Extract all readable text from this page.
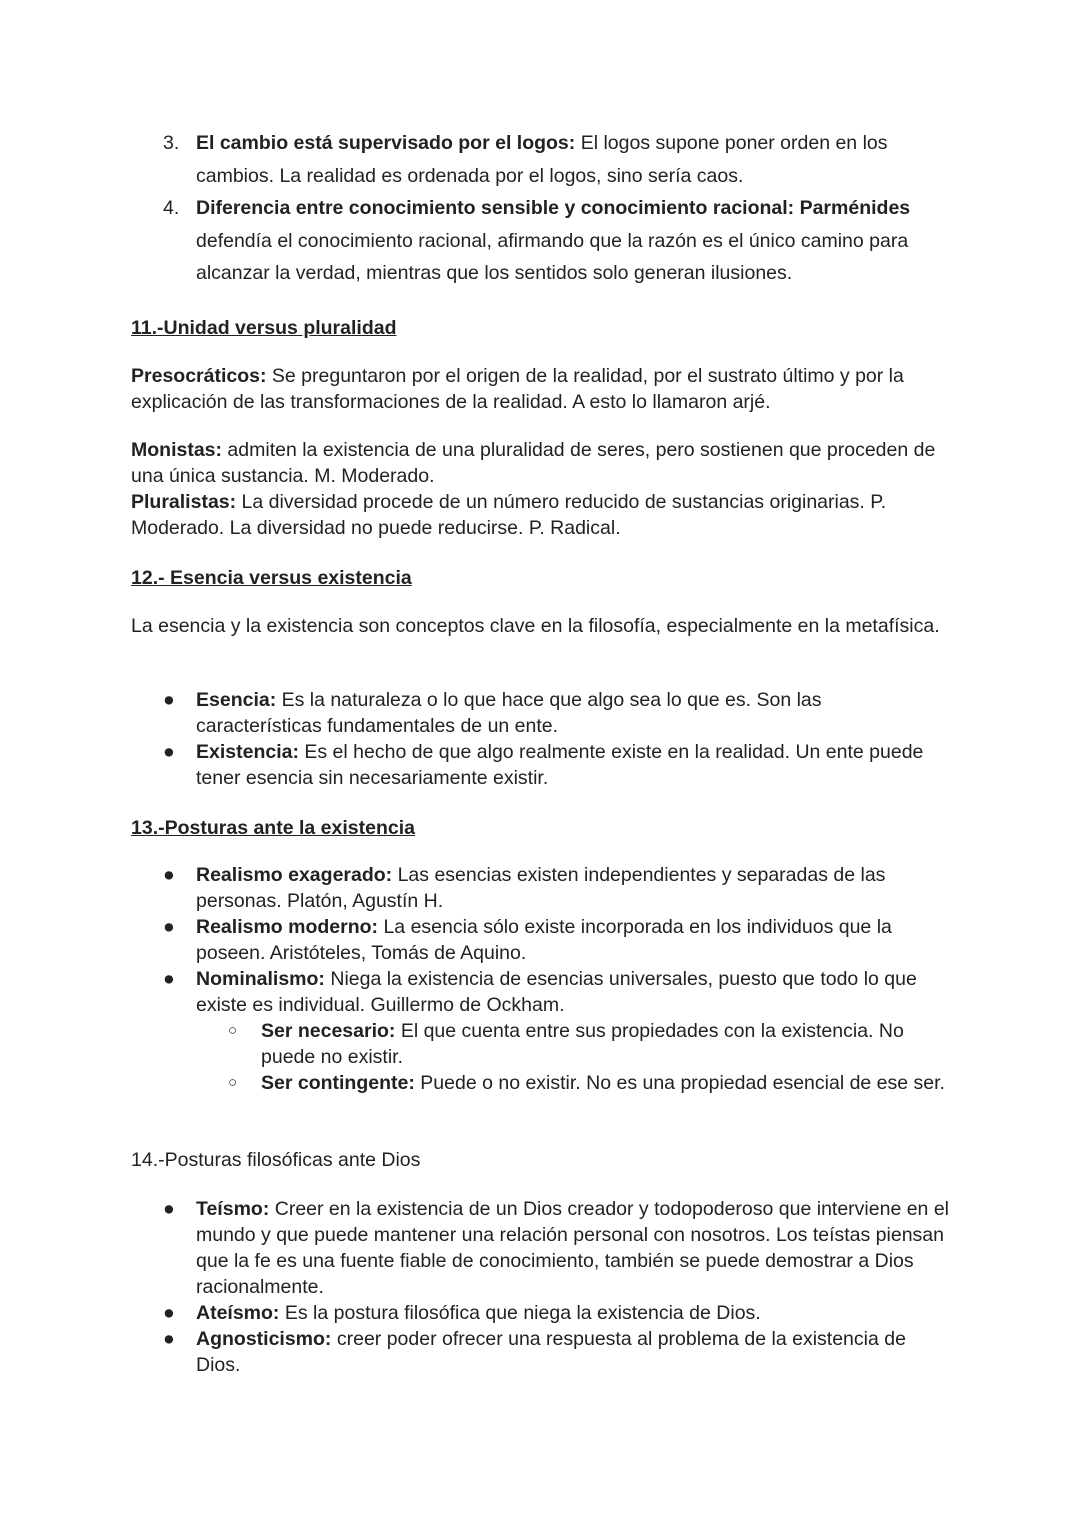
3. El cambio está supervisado por el logos: El logos supone poner orden en los cambios. La realidad es ordenada por el logos, sino sería caos.
4. Diferencia entre conocimiento sensible y conocimiento racional: Parménides defendía el conocimiento racional, afirmando que la razón es el único camino para alcanzar la verdad, mientras que los sentidos solo generan ilusiones.
11.-Unidad versus pluralidad
Presocráticos: Se preguntaron por el origen de la realidad, por el sustrato último y por la explicación de las transformaciones de la realidad. A esto lo llamaron arjé.
Monistas: admiten la existencia de una pluralidad de seres, pero sostienen que proceden de una única sustancia. M. Moderado.
Pluralistas: La diversidad procede de un número reducido de sustancias originarias. P. Moderado. La diversidad no puede reducirse. P. Radical.
12.- Esencia versus existencia
La esencia y la existencia son conceptos clave en la filosofía, especialmente en la metafísica.
● Esencia: Es la naturaleza o lo que hace que algo sea lo que es. Son las características fundamentales de un ente.
● Existencia: Es el hecho de que algo realmente existe en la realidad. Un ente puede tener esencia sin necesariamente existir.
13.-Posturas ante la existencia
● Realismo exagerado: Las esencias existen independientes y separadas de las personas. Platón, Agustín H.
● Realismo moderno: La esencia sólo existe incorporada en los individuos que la poseen. Aristóteles, Tomás de Aquino.
● Nominalismo: Niega la existencia de esencias universales, puesto que todo lo que existe es individual. Guillermo de Ockham.
○ Ser necesario: El que cuenta entre sus propiedades con la existencia. No puede no existir.
○ Ser contingente: Puede o no existir. No es una propiedad esencial de ese ser.
14.-Posturas filosóficas ante Dios
● Teísmo: Creer en la existencia de un Dios creador y todopoderoso que interviene en el mundo y que puede mantener una relación personal con nosotros. Los teístas piensan que la fe es una fuente fiable de conocimiento, también se puede demostrar a Dios racionalmente.
● Ateísmo: Es la postura filosófica que niega la existencia de Dios.
● Agnosticismo: creer poder ofrecer una respuesta al problema de la existencia de Dios.
